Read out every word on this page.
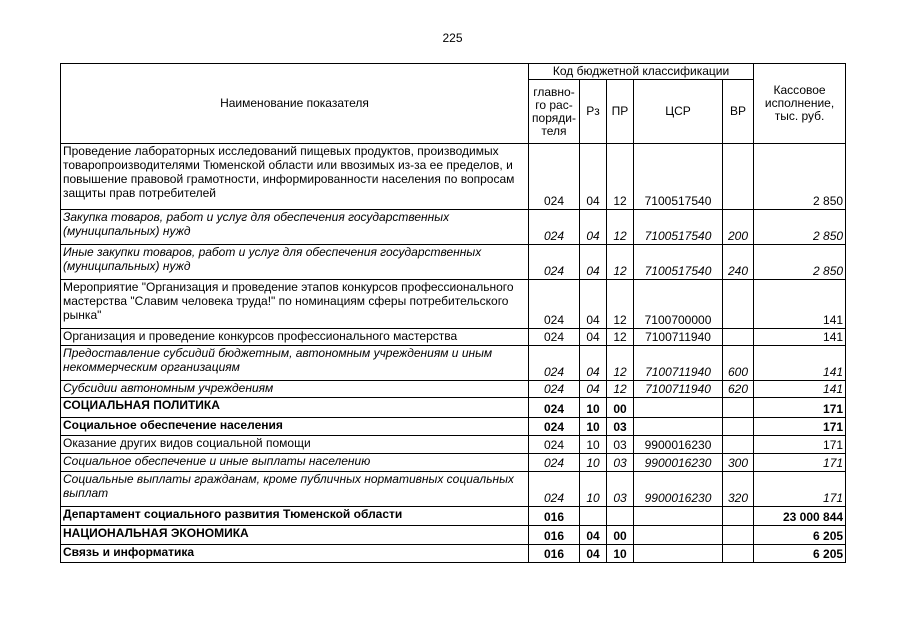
225
Наименование показателя	Код бюджетной классификации					Кассовое исполнение, тыс. руб.
	главно-го рас-поряди-теля	Рз	ПР	ЦСР	ВР	
Проведение лабораторных исследований пищевых продуктов, производимых товаропроизводителями Тюменской области или ввозимых из-за ее пределов, и повышение правовой грамотности, информированности населения по вопросам защиты прав потребителей	024	04	12	7100517540		2 850
Закупка товаров, работ и услуг для обеспечения государственных (муниципальных) нужд	024	04	12	7100517540	200	2 850
Иные закупки товаров, работ и услуг для обеспечения государственных (муниципальных) нужд	024	04	12	7100517540	240	2 850
Мероприятие "Организация и проведение этапов конкурсов профессионального мастерства "Славим человека труда!" по номинациям сферы потребительского рынка"	024	04	12	7100700000		141
Организация и проведение конкурсов профессионального мастерства	024	04	12	7100711940		141
Предоставление субсидий бюджетным, автономным учреждениям и иным некоммерческим организациям	024	04	12	7100711940	600	141
Субсидии автономным учреждениям	024	04	12	7100711940	620	141
СОЦИАЛЬНАЯ ПОЛИТИКА	024	10	00			171
Социальное обеспечение населения	024	10	03			171
Оказание других видов социальной помощи	024	10	03	9900016230		171
Социальное обеспечение и иные выплаты населению	024	10	03	9900016230	300	171
Социальные выплаты гражданам, кроме публичных нормативных социальных выплат	024	10	03	9900016230	320	171
Департамент социального развития Тюменской области	016					23 000 844
НАЦИОНАЛЬНАЯ ЭКОНОМИКА	016	04	00			6 205
Связь и информатика	016	04	10			6 205
